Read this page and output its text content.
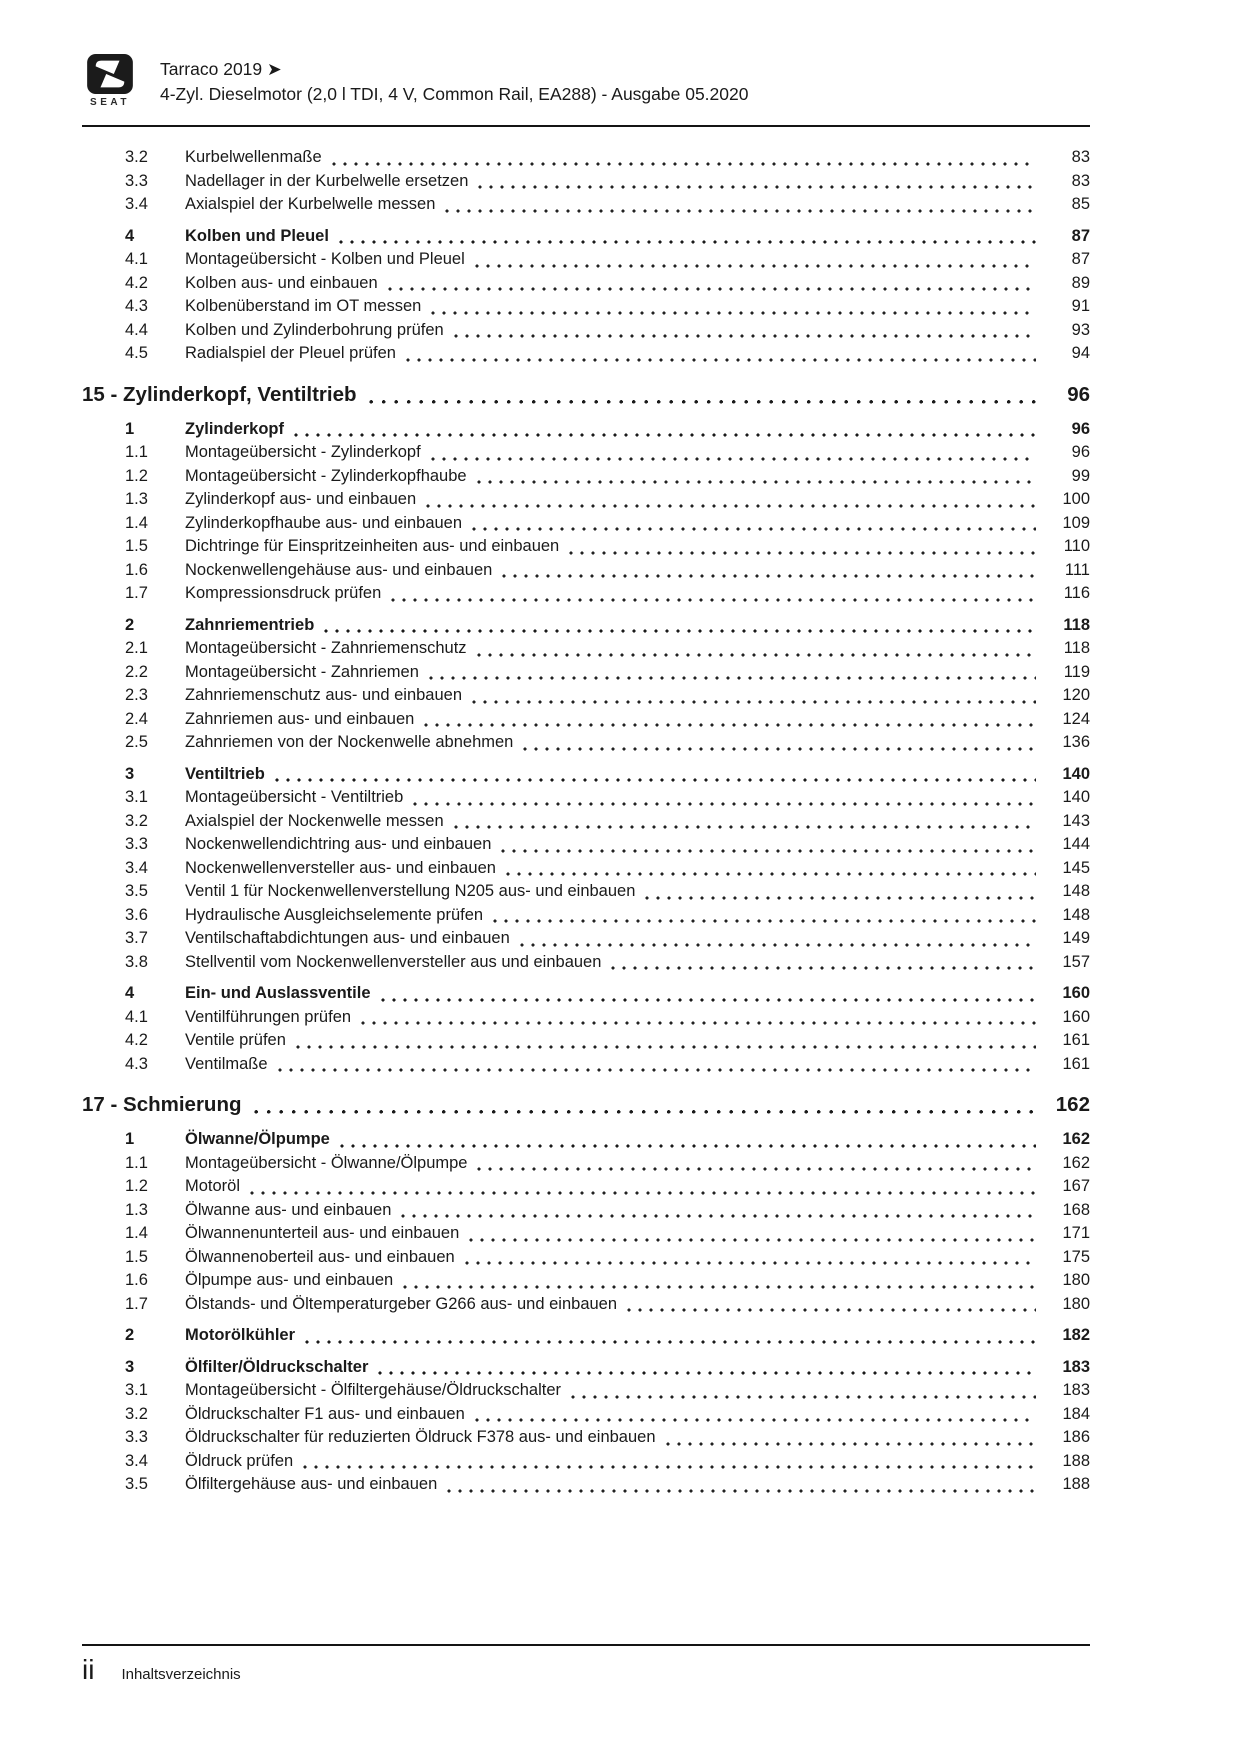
SEAT
Tarraco 2019 ➤
4-Zyl. Dieselmotor (2,0 l TDI, 4 V, Common Rail, EA288) - Ausgabe 05.2020
3.2	Kurbelwellenmaße	83
3.3	Nadellager in der Kurbelwelle ersetzen	83
3.4	Axialspiel der Kurbelwelle messen	85
4	Kolben und Pleuel	87
4.1	Montageübersicht - Kolben und Pleuel	87
4.2	Kolben aus- und einbauen	89
4.3	Kolbenüberstand im OT messen	91
4.4	Kolben und Zylinderbohrung prüfen	93
4.5	Radialspiel der Pleuel prüfen	94
15 - Zylinderkopf, Ventiltrieb	96
1	Zylinderkopf	96
1.1	Montageübersicht - Zylinderkopf	96
1.2	Montageübersicht - Zylinderkopfhaube	99
1.3	Zylinderkopf aus- und einbauen	100
1.4	Zylinderkopfhaube aus- und einbauen	109
1.5	Dichtringe für Einspritzeinheiten aus- und einbauen	110
1.6	Nockenwellengehäuse aus- und einbauen	111
1.7	Kompressionsdruck prüfen	116
2	Zahnriementrieb	118
2.1	Montageübersicht - Zahnriemenschutz	118
2.2	Montageübersicht - Zahnriemen	119
2.3	Zahnriemenschutz aus- und einbauen	120
2.4	Zahnriemen aus- und einbauen	124
2.5	Zahnriemen von der Nockenwelle abnehmen	136
3	Ventiltrieb	140
3.1	Montageübersicht - Ventiltrieb	140
3.2	Axialspiel der Nockenwelle messen	143
3.3	Nockenwellendichtring aus- und einbauen	144
3.4	Nockenwellenversteller aus- und einbauen	145
3.5	Ventil 1 für Nockenwellenverstellung N205 aus- und einbauen	148
3.6	Hydraulische Ausgleichselemente prüfen	148
3.7	Ventilschaftabdichtungen aus- und einbauen	149
3.8	Stellventil vom Nockenwellenversteller aus und einbauen	157
4	Ein- und Auslassventile	160
4.1	Ventilführungen prüfen	160
4.2	Ventile prüfen	161
4.3	Ventilmaße	161
17 - Schmierung	162
1	Ölwanne/Ölpumpe	162
1.1	Montageübersicht - Ölwanne/Ölpumpe	162
1.2	Motoröl	167
1.3	Ölwanne aus- und einbauen	168
1.4	Ölwannenunterteil aus- und einbauen	171
1.5	Ölwannenoberteil aus- und einbauen	175
1.6	Ölpumpe aus- und einbauen	180
1.7	Ölstands- und Öltemperaturgeber G266 aus- und einbauen	180
2	Motorölkühler	182
3	Ölfilter/Öldruckschalter	183
3.1	Montageübersicht - Ölfiltergehäuse/Öldruckschalter	183
3.2	Öldruckschalter F1 aus- und einbauen	184
3.3	Öldruckschalter für reduzierten Öldruck F378 aus- und einbauen	186
3.4	Öldruck prüfen	188
3.5	Ölfiltergehäuse aus- und einbauen	188
ii Inhaltsverzeichnis
